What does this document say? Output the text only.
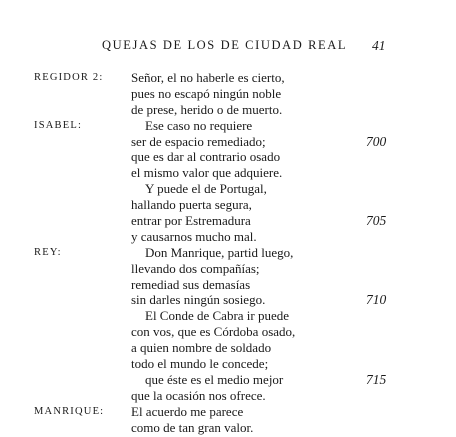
QUEJAS DE LOS DE CIUDAD REAL 41
REGIDOR 2: Señor, el no haberle es cierto,
pues no escapó ningún noble
de prese, herido o de muerto.
ISABEL:	Ese caso no requiere
ser de espacio remediado;	700
que es dar al contrario osado
el mismo valor que adquiere.
Y puede el de Portugal,
hallando puerta segura,
entrar por Estremadura	705
y causarnos mucho mal.
REY:	Don Manrique, partid luego,
llevando dos compañías;
remediad sus demasías
sin darles ningún sosiego.	710
El Conde de Cabra ir puede
con vos, que es Córdoba osado,
a quien nombre de soldado
todo el mundo le concede;
que éste es el medio mejor	715
que la ocasión nos ofrece.
MANRIQUE: El acuerdo me parece
como de tan gran valor.
